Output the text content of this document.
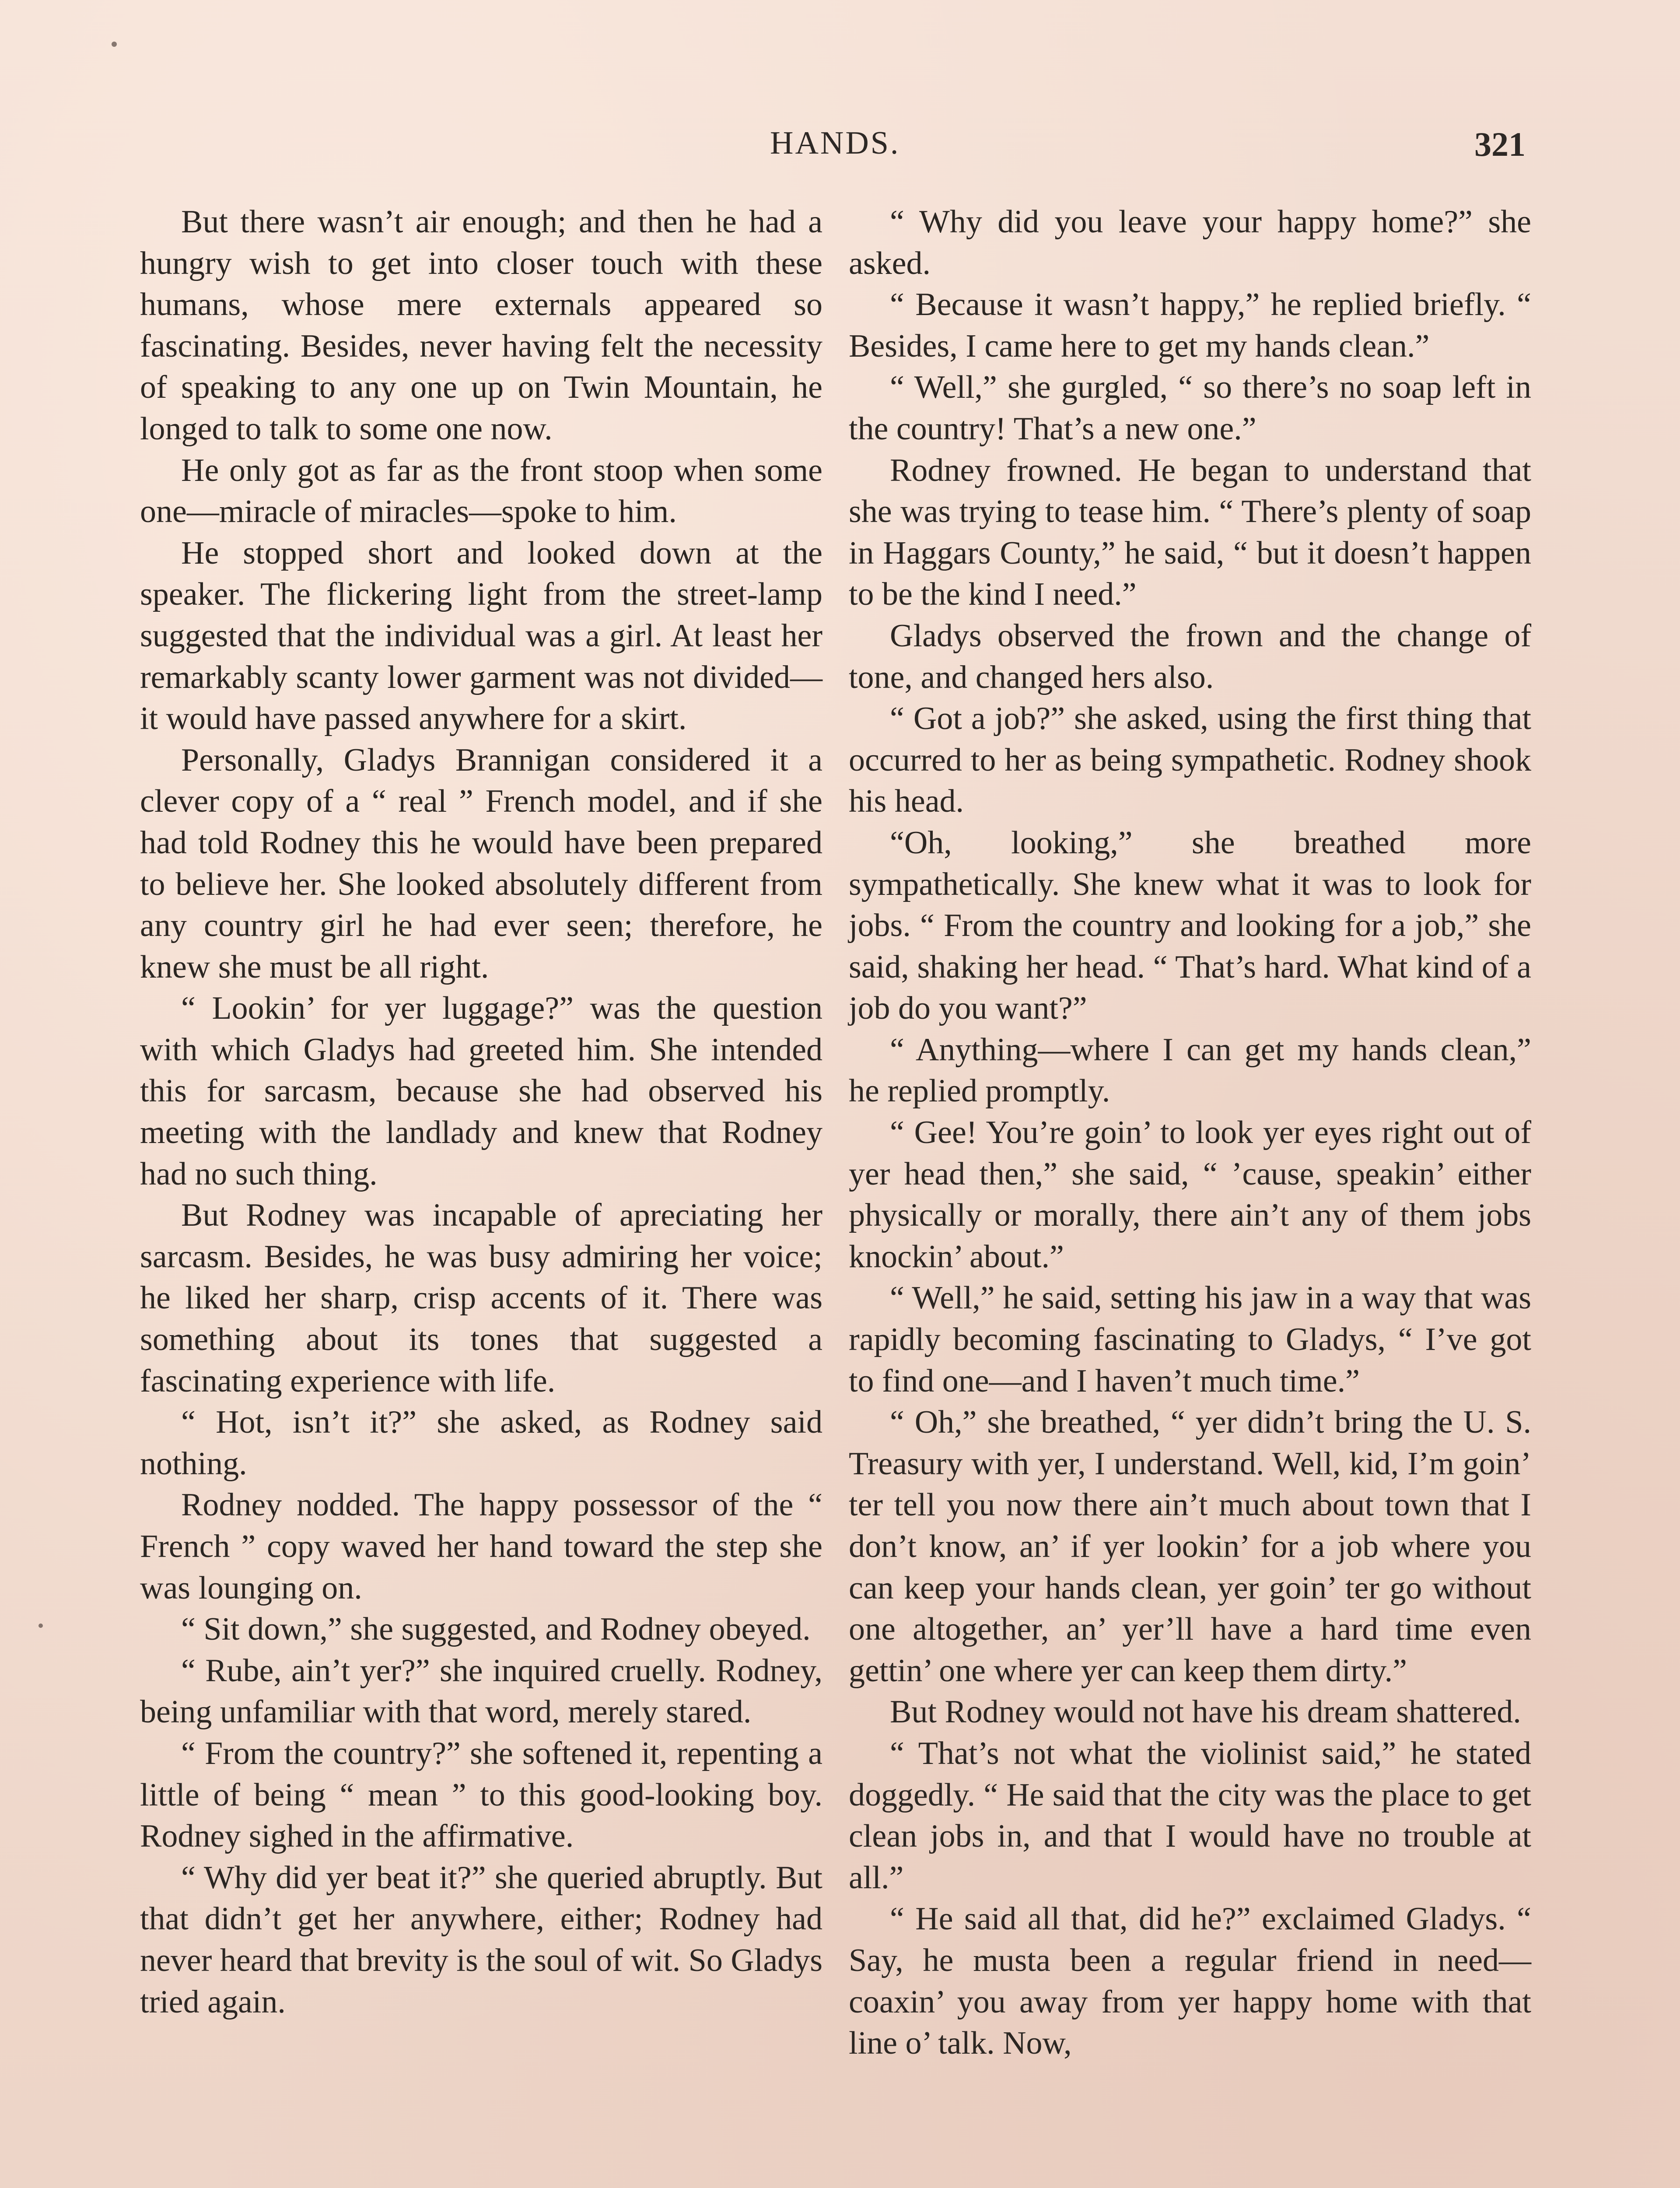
HANDS.	321

But there wasn’t air enough; and then he had a hungry wish to get into closer touch with these humans, whose mere externals appeared so fascinating. Besides, never having felt the necessity of speaking to any one up on Twin Mountain, he longed to talk to some one now.

He only got as far as the front stoop when some one—miracle of miracles—spoke to him.

He stopped short and looked down at the speaker. The flickering light from the street-lamp suggested that the individual was a girl. At least her remarkably scanty lower garment was not divided—it would have passed anywhere for a skirt.

Personally, Gladys Brannigan considered it a clever copy of a “ real ” French model, and if she had told Rodney this he would have been prepared to believe her. She looked absolutely different from any country girl he had ever seen; therefore, he knew she must be all right.

“ Lookin’ for yer luggage?” was the question with which Gladys had greeted him. She intended this for sarcasm, because she had observed his meeting with the landlady and knew that Rodney had no such thing.

But Rodney was incapable of apreciating her sarcasm. Besides, he was busy admiring her voice; he liked her sharp, crisp accents of it. There was something about its tones that suggested a fascinating experience with life.

“ Hot, isn’t it?” she asked, as Rodney said nothing.

Rodney nodded. The happy possessor of the “ French ” copy waved her hand toward the step she was lounging on.

“ Sit down,” she suggested, and Rodney obeyed.

“ Rube, ain’t yer?” she inquired cruelly. Rodney, being unfamiliar with that word, merely stared.

“ From the country?” she softened it, repenting a little of being “ mean ” to this good-looking boy. Rodney sighed in the affirmative.

“ Why did yer beat it?” she queried abruptly. But that didn’t get her anywhere, either; Rodney had never heard that brevity is the soul of wit. So Gladys tried again.

“ Why did you leave your happy home?” she asked.

“ Because it wasn’t happy,” he replied briefly. “ Besides, I came here to get my hands clean.”

“ Well,” she gurgled, “ so there’s no soap left in the country! That’s a new one.”

Rodney frowned. He began to understand that she was trying to tease him. “ There’s plenty of soap in Haggars County,” he said, “ but it doesn’t happen to be the kind I need.”

Gladys observed the frown and the change of tone, and changed hers also.

“ Got a job?” she asked, using the first thing that occurred to her as being sympathetic. Rodney shook his head.

“Oh, looking,” she breathed more sympathetically. She knew what it was to look for jobs. “ From the country and looking for a job,” she said, shaking her head. “ That’s hard. What kind of a job do you want?”

“ Anything—where I can get my hands clean,” he replied promptly.

“ Gee! You’re goin’ to look yer eyes right out of yer head then,” she said, “ ’cause, speakin’ either physically or morally, there ain’t any of them jobs knockin’ about.”

“ Well,” he said, setting his jaw in a way that was rapidly becoming fascinating to Gladys, “ I’ve got to find one—and I haven’t much time.”

“ Oh,” she breathed, “ yer didn’t bring the U. S. Treasury with yer, I understand. Well, kid, I’m goin’ ter tell you now there ain’t much about town that I don’t know, an’ if yer lookin’ for a job where you can keep your hands clean, yer goin’ ter go without one altogether, an’ yer’ll have a hard time even gettin’ one where yer can keep them dirty.”

But Rodney would not have his dream shattered.

“ That’s not what the violinist said,” he stated doggedly. “ He said that the city was the place to get clean jobs in, and that I would have no trouble at all.”

“ He said all that, did he?” exclaimed Gladys. “ Say, he musta been a regular friend in need—coaxin’ you away from yer happy home with that line o’ talk. Now,
